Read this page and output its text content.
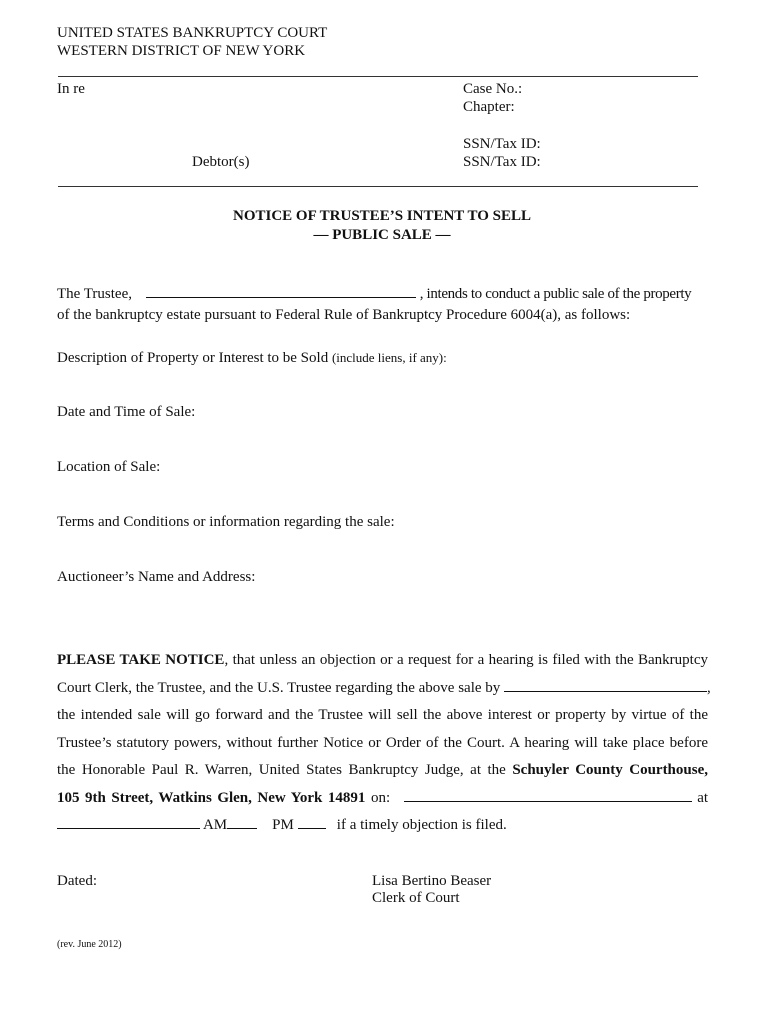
UNITED STATES BANKRUPTCY COURT
WESTERN DISTRICT OF NEW YORK
In re	Case No.:
Chapter:
SSN/Tax ID:
Debtor(s)	SSN/Tax ID:
NOTICE OF TRUSTEE’S INTENT TO SELL
— PUBLIC SALE —
The Trustee,	, intends to conduct a public sale of the property
of the bankruptcy estate pursuant to Federal Rule of Bankruptcy Procedure 6004(a), as follows:
Description of Property or Interest to be Sold (include liens, if any):
Date and Time of Sale:
Location of Sale:
Terms and Conditions or information regarding the sale:
Auctioneer’s Name and Address:
PLEASE TAKE NOTICE, that unless an objection or a request for a hearing is filed with the Bankruptcy
Court Clerk, the Trustee, and the U.S. Trustee regarding the above sale by	,
the intended sale will go forward and the Trustee will sell the above interest or property by virtue of the
Trustee’s statutory powers, without further Notice or Order of the Court. A hearing will take place before
the Honorable Paul R. Warren, United States Bankruptcy Judge, at the Schuyler County Courthouse,
105 9th Street, Watkins Glen, New York 14891 on:	at
AM	PM	if a timely objection is filed.
Dated:	Lisa Bertino Beaser
Clerk of Court
(rev. June 2012)
